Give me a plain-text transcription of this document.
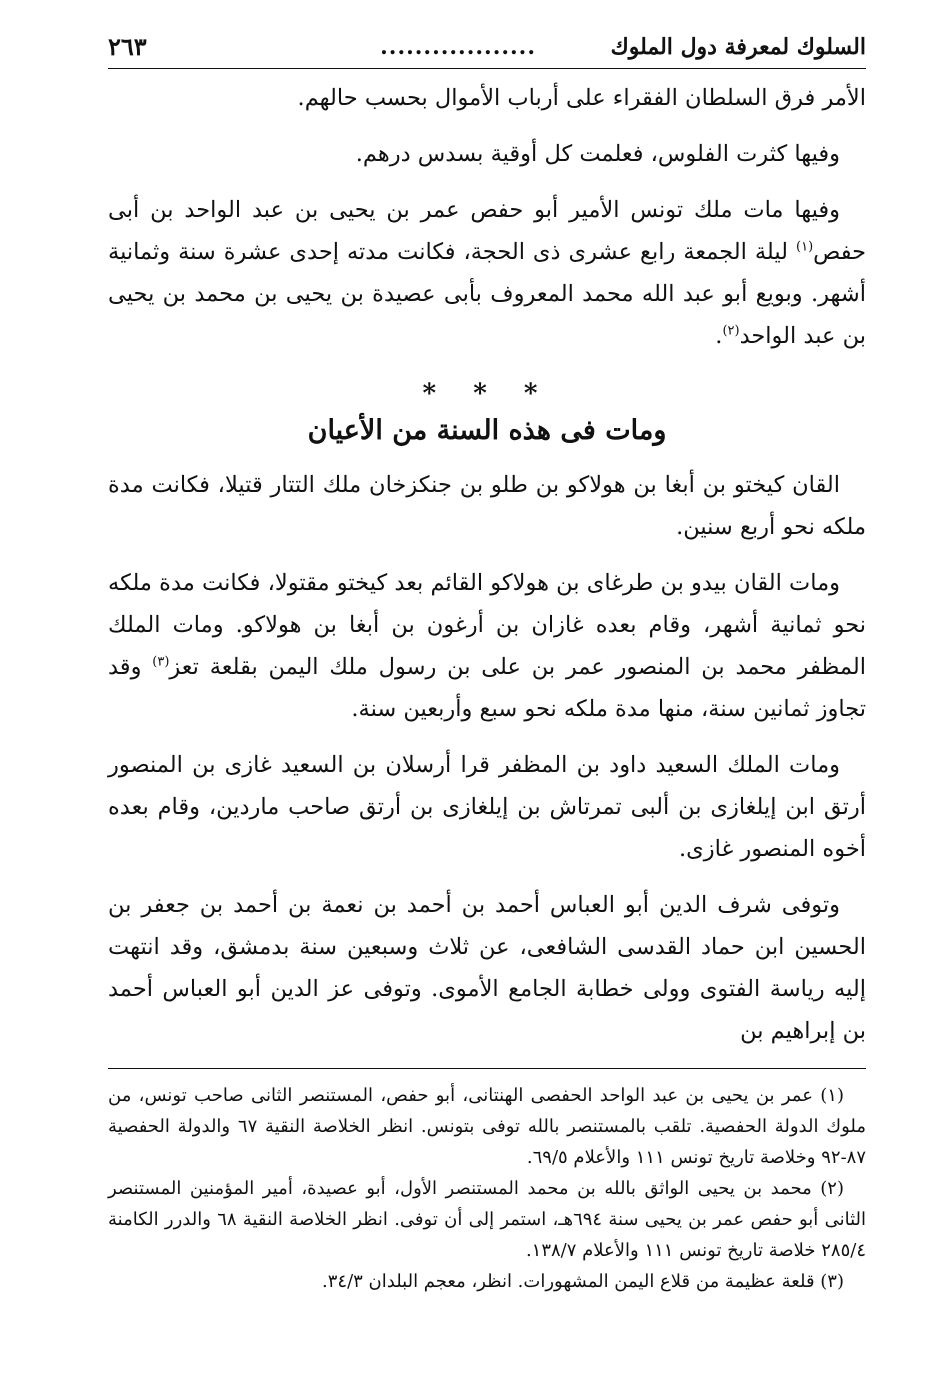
السلوك لمعرفة دول الملوك
..................
٢٦٣

الأمر فرق السلطان الفقراء على أرباب الأموال بحسب حالهم.

وفيها كثرت الفلوس، فعلمت كل أوقية بسدس درهم.

وفيها مات ملك تونس الأمير أبو حفص عمر بن يحيى بن عبد الواحد بن أبى حفص$^{(١)}$ ليلة الجمعة رابع عشرى ذى الحجة، فكانت مدته إحدى عشرة سنة وثمانية أشهر. وبويع أبو عبد الله محمد المعروف بأبى عصيدة بن يحيى بن محمد بن يحيى بن عبد الواحد$^{(٢)}$.

* * *
ومات فى هذه السنة من الأعيان

القان كيختو بن أبغا بن هولاكو بن طلو بن جنكزخان ملك التتار قتيلا، فكانت مدة ملكه نحو أربع سنين.

ومات القان بيدو بن طرغاى بن هولاكو القائم بعد كيختو مقتولا، فكانت مدة ملكه نحو ثمانية أشهر، وقام بعده غازان بن أرغون بن أبغا بن هولاكو. ومات الملك المظفر محمد بن المنصور عمر بن على بن رسول ملك اليمن بقلعة تعز$^{(٣)}$ وقد تجاوز ثمانين سنة، منها مدة ملكه نحو سبع وأربعين سنة.

ومات الملك السعيد داود بن المظفر قرا أرسلان بن السعيد غازى بن المنصور أرتق ابن إيلغازى بن ألبى تمرتاش بن إيلغازى بن أرتق صاحب ماردين، وقام بعده أخوه المنصور غازى.

وتوفى شرف الدين أبو العباس أحمد بن أحمد بن نعمة بن أحمد بن جعفر بن الحسين ابن حماد القدسى الشافعى، عن ثلاث وسبعين سنة بدمشق، وقد انتهت إليه رياسة الفتوى وولى خطابة الجامع الأموى. وتوفى عز الدين أبو العباس أحمد بن إبراهيم بن

(١) عمر بن يحيى بن عبد الواحد الحفصى الهنتانى، أبو حفص، المستنصر الثانى صاحب تونس، من ملوك الدولة الحفصية. تلقب بالمستنصر بالله توفى بتونس. انظر الخلاصة النقية ٦٧ والدولة الحفصية ٨٧-٩٢ وخلاصة تاريخ تونس ١١١ والأعلام ٦٩/٥.

(٢) محمد بن يحيى الواثق بالله بن محمد المستنصر الأول، أبو عصيدة، أمير المؤمنين المستنصر الثانى أبو حفص عمر بن يحيى سنة ٦٩٤هـ، استمر إلى أن توفى. انظر الخلاصة النقية ٦٨ والدرر الكامنة ٢٨٥/٤ خلاصة تاريخ تونس ١١١ والأعلام ١٣٨/٧.

(٣) قلعة عظيمة من قلاع اليمن المشهورات. انظر، معجم البلدان ٣٤/٣.
